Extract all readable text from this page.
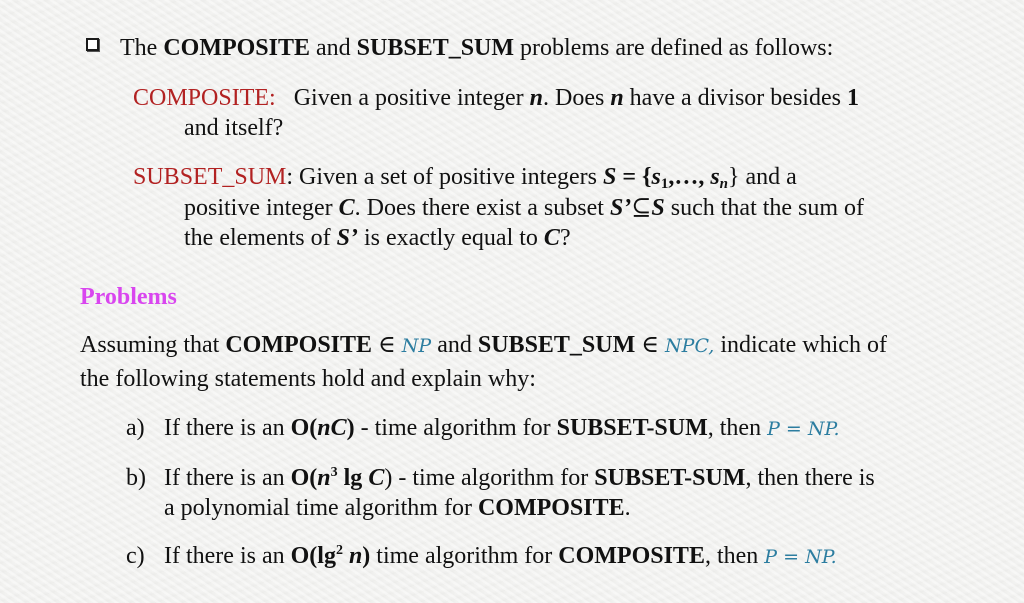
The COMPOSITE and SUBSET_SUM problems are defined as follows:
COMPOSITE: Given a positive integer n. Does n have a divisor besides 1
and itself?
SUBSET_SUM: Given a set of positive integers $S = \{s_1,\dots$, $s_n$} and a
positive integer C. Does there exist a subset S’⊆S such that the sum of
the elements of S’ is exactly equal to C?
Problems
Assuming that COMPOSITE ∈ NP and SUBSET_SUM ∈ NPC, indicate which of
the following statements hold and explain why:
a) If there is an O(nC) - time algorithm for SUBSET-SUM, then P = NP.
b) If there is an $O(n^3$ lg C) - time algorithm for SUBSET-SUM, then there is
a polynomial time algorithm for COMPOSITE.
c) If there is an $O(\lg^2$ n) time algorithm for COMPOSITE, then P = NP.
